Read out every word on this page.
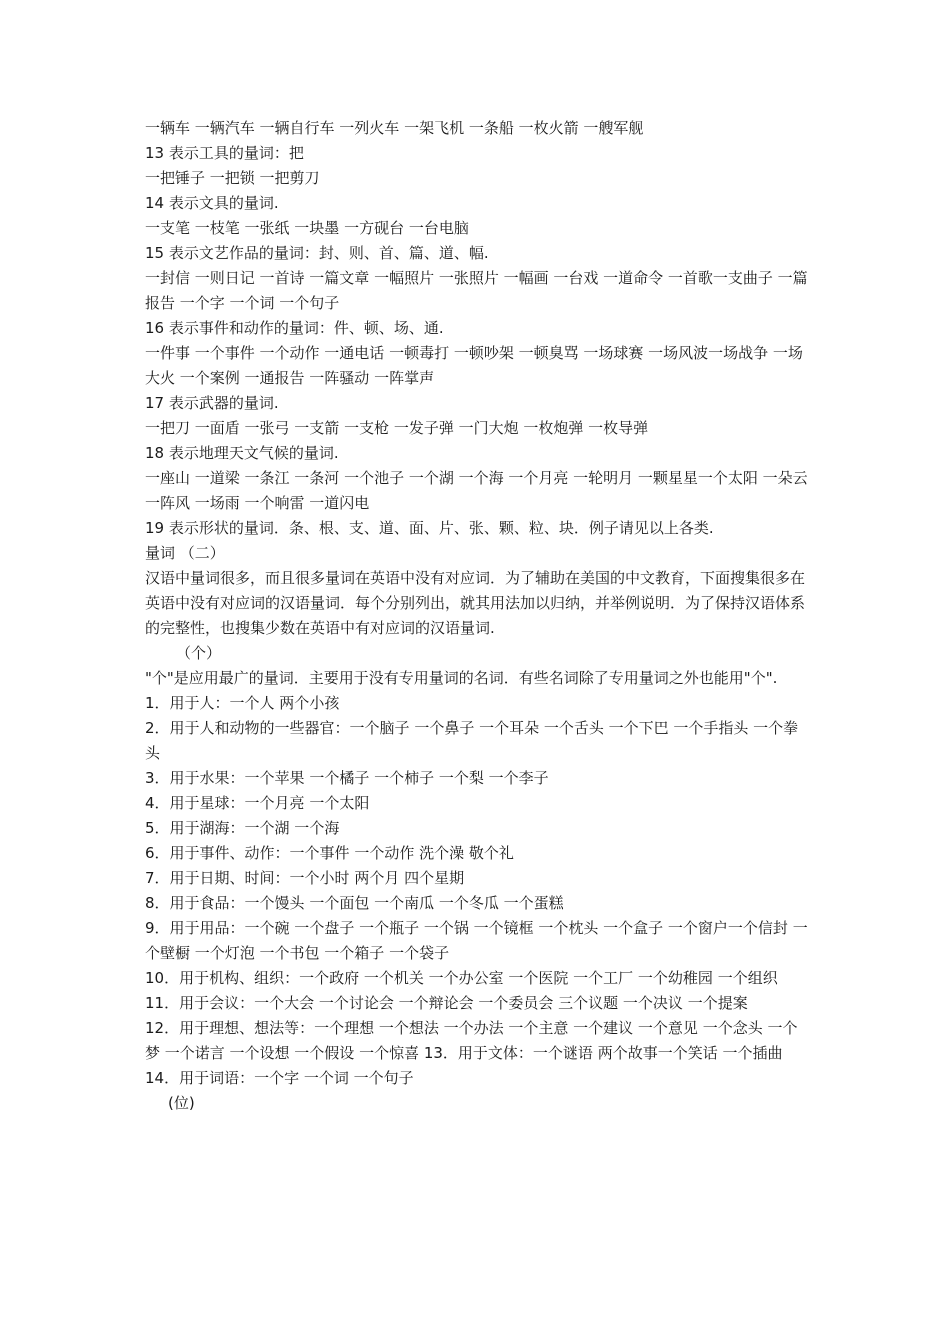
一辆车 一辆汽车 一辆自行车 一列火车 一架飞机 一条船 一枚火箭 一艘军舰

13 表示工具的量词：把

一把锤子 一把锁 一把剪刀

14 表示文具的量词.

一支笔 一枝笔 一张纸 一块墨 一方砚台 一台电脑

15 表示文艺作品的量词：封、则、首、篇、道、幅.

一封信 一则日记 一首诗 一篇文章 一幅照片 一张照片 一幅画 一台戏 一道命令 一首歌一支曲子 一篇报告 一个字 一个词 一个句子

16 表示事件和动作的量词：件、顿、场、通.

一件事 一个事件 一个动作 一通电话 一顿毒打 一顿吵架 一顿臭骂 一场球赛 一场风波一场战争 一场大火 一个案例 一通报告 一阵骚动 一阵掌声

17 表示武器的量词.

一把刀 一面盾 一张弓 一支箭 一支枪 一发子弹 一门大炮 一枚炮弹 一枚导弹

18 表示地理天文气候的量词.

一座山 一道梁 一条江 一条河 一个池子 一个湖 一个海 一个月亮 一轮明月 一颗星星一个太阳 一朵云 一阵风 一场雨 一个响雷 一道闪电

19 表示形状的量词．条、根、支、道、面、片、张、颗、粒、块．例子请见以上各类.

量词 （二）

汉语中量词很多，而且很多量词在英语中没有对应词．为了辅助在美国的中文教育，下面搜集很多在英语中没有对应词的汉语量词．每个分别列出，就其用法加以归纳，并举例说明．为了保持汉语体系的完整性，也搜集少数在英语中有对应词的汉语量词.

（个）

"个"是应用最广的量词．主要用于没有专用量词的名词．有些名词除了专用量词之外也能用"个".

1．用于人：一个人 两个小孩

2．用于人和动物的一些器官：一个脑子 一个鼻子 一个耳朵 一个舌头 一个下巴 一个手指头 一个拳头

3．用于水果：一个苹果 一个橘子 一个柿子 一个梨 一个李子

4．用于星球：一个月亮 一个太阳

5．用于湖海：一个湖 一个海

6．用于事件、动作：一个事件 一个动作 洗个澡 敬个礼

7．用于日期、时间：一个小时 两个月 四个星期

8．用于食品：一个馒头 一个面包 一个南瓜 一个冬瓜 一个蛋糕

9．用于用品：一个碗 一个盘子 一个瓶子 一个锅 一个镜框 一个枕头 一个盒子 一个窗户一个信封 一个壁橱 一个灯泡 一个书包 一个箱子 一个袋子

10．用于机构、组织：一个政府 一个机关 一个办公室 一个医院 一个工厂 一个幼稚园 一个组织

11．用于会议：一个大会 一个讨论会 一个辩论会 一个委员会 三个议题 一个决议 一个提案

12．用于理想、想法等：一个理想 一个想法 一个办法 一个主意 一个建议 一个意见 一个念头 一个梦 一个诺言 一个设想 一个假设 一个惊喜 13．用于文体：一个谜语 两个故事一个笑话 一个插曲

14．用于词语：一个字 一个词 一个句子

(位)
